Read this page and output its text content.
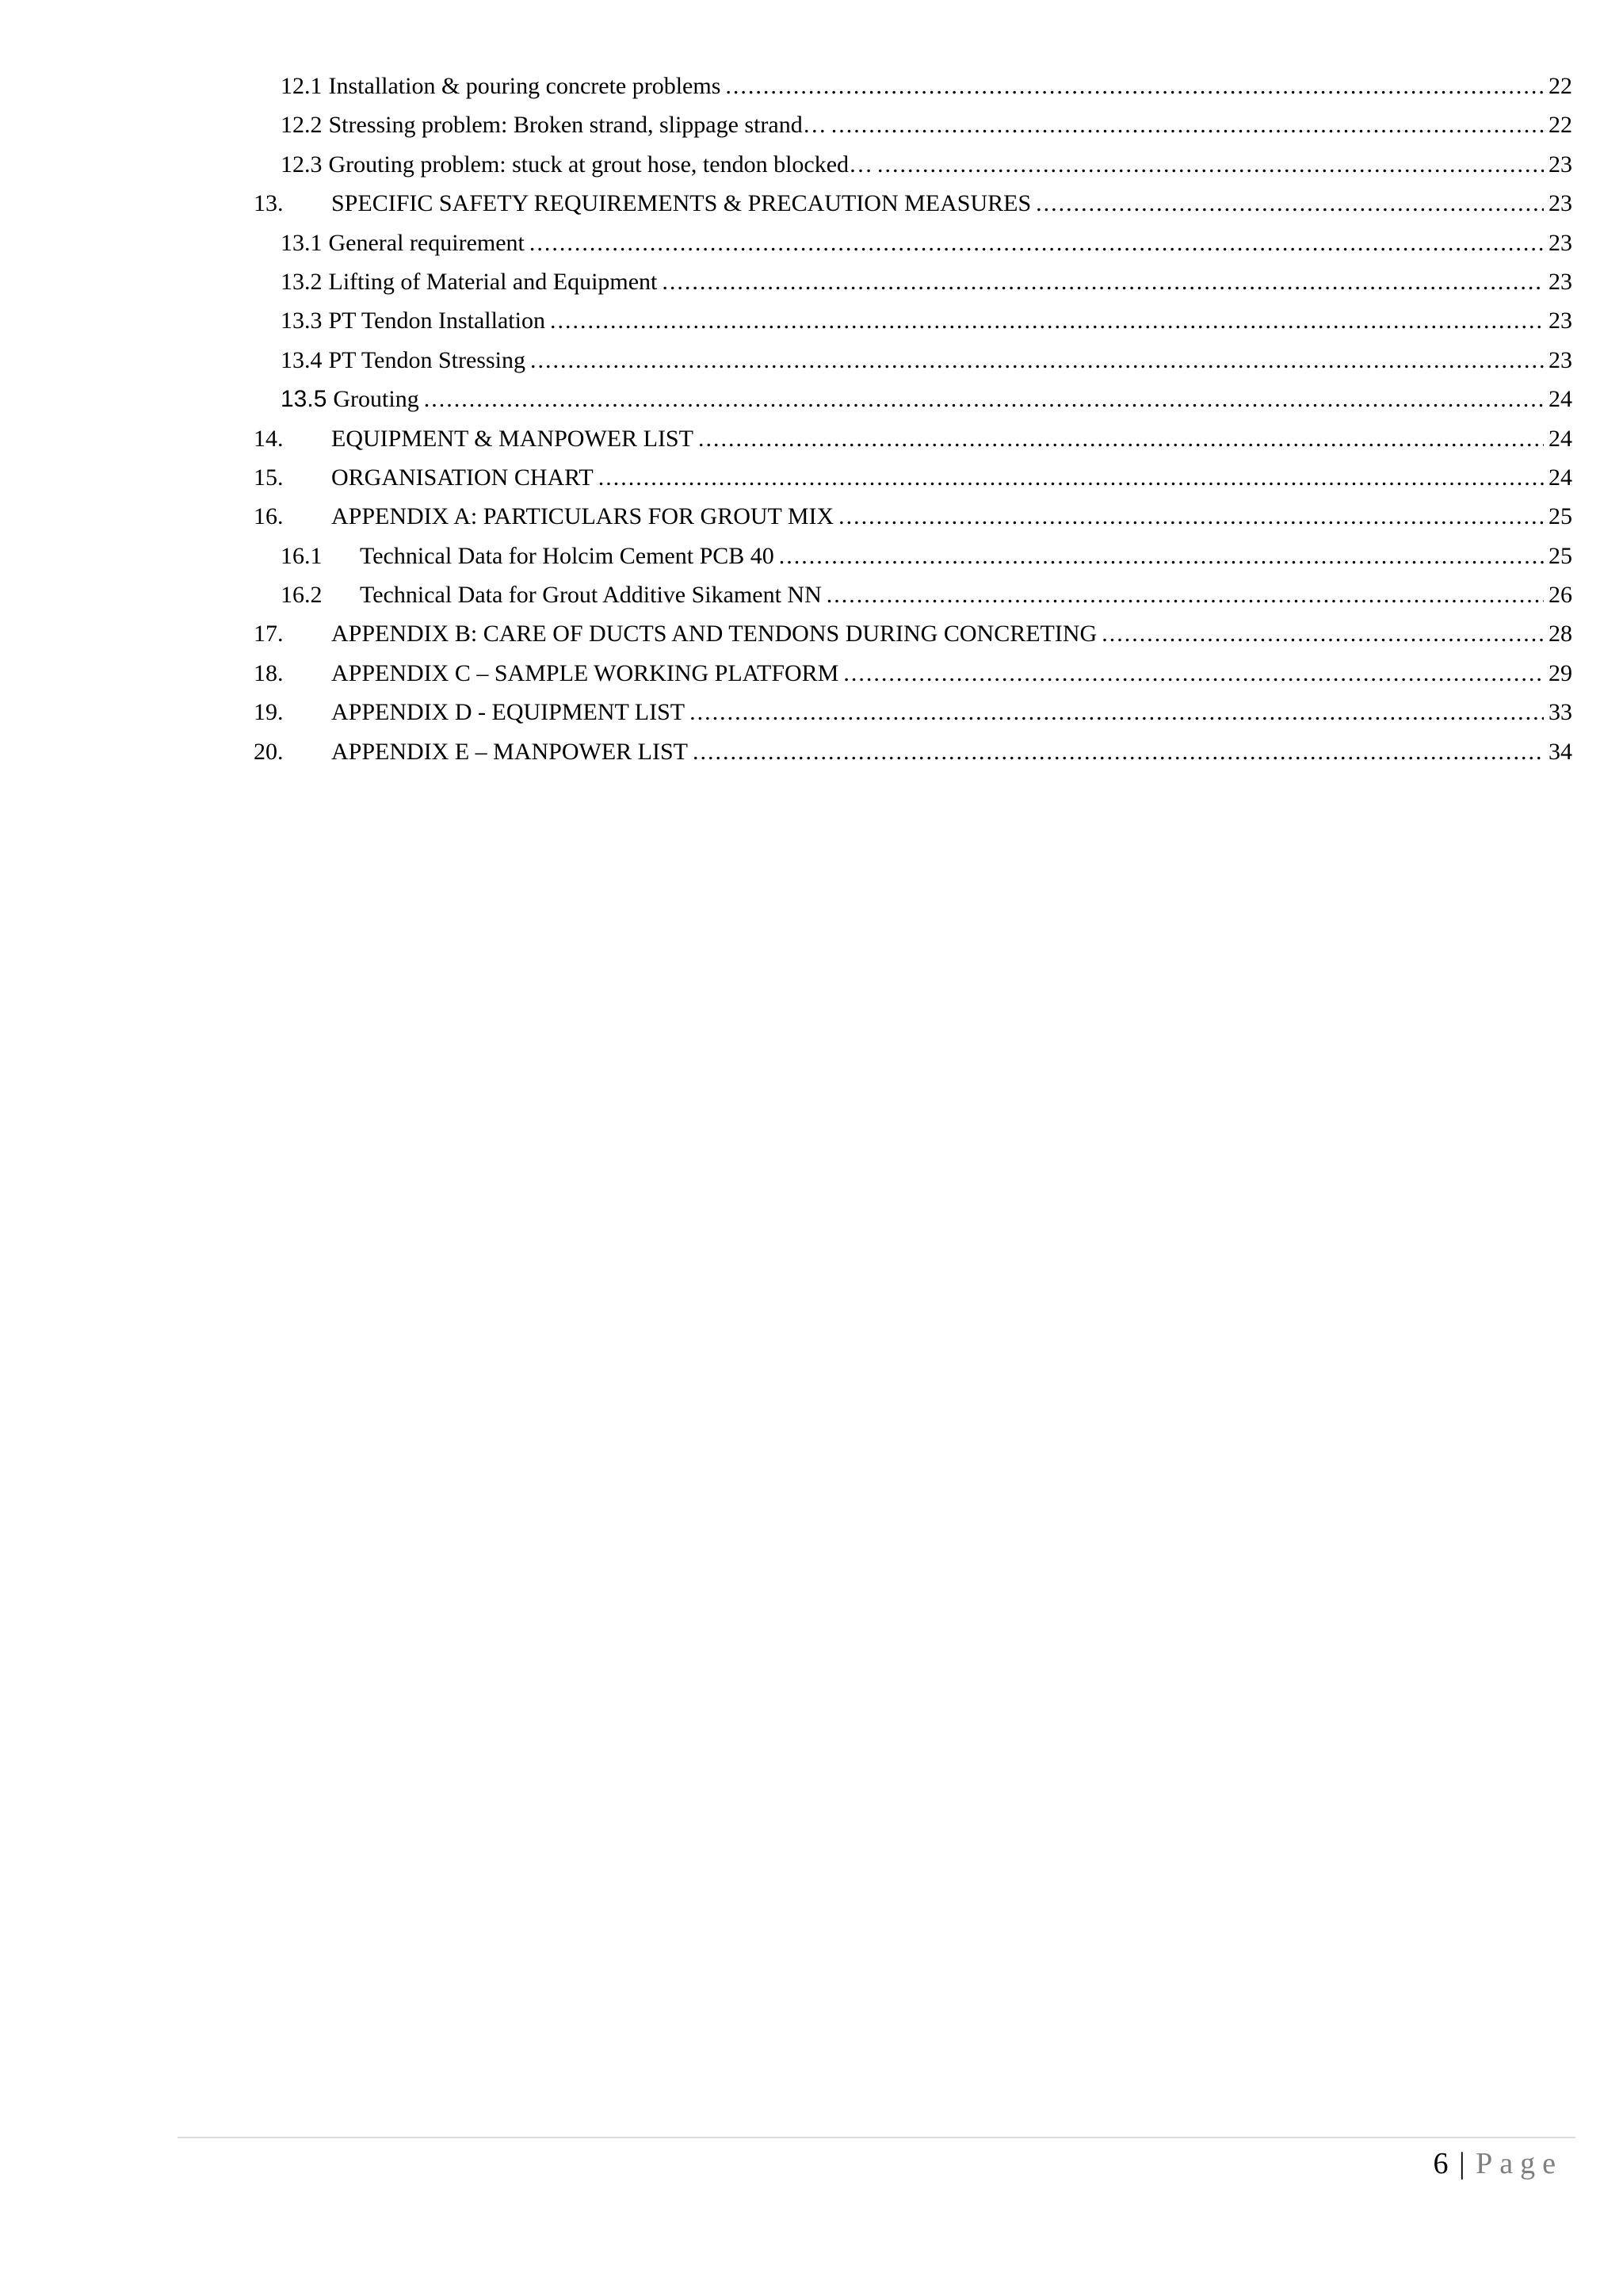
12.1 Installation & pouring concrete problems .....	22
12.2 Stressing problem: Broken strand, slippage strand… .....	22
12.3 Grouting problem: stuck at grout hose, tendon blocked… .....	23
13.	SPECIFIC SAFETY REQUIREMENTS & PRECAUTION MEASURES .....	23
13.1 General requirement .....	23
13.2 Lifting of Material and Equipment .....	23
13.3 PT Tendon Installation .....	23
13.4 PT Tendon Stressing .....	23
13.5 Grouting .....	24
14.	EQUIPMENT & MANPOWER LIST .....	24
15.	ORGANISATION CHART .....	24
16.	APPENDIX A: PARTICULARS FOR GROUT MIX .....	25
16.1	Technical Data for Holcim Cement PCB 40 .....	25
16.2	Technical Data for Grout Additive Sikament NN .....	26
17.	APPENDIX B: CARE OF DUCTS AND TENDONS DURING CONCRETING .....	28
18.	APPENDIX C – SAMPLE WORKING PLATFORM .....	29
19.	APPENDIX D - EQUIPMENT LIST .....	33
20.	APPENDIX E – MANPOWER LIST .....	34
6 | Page
